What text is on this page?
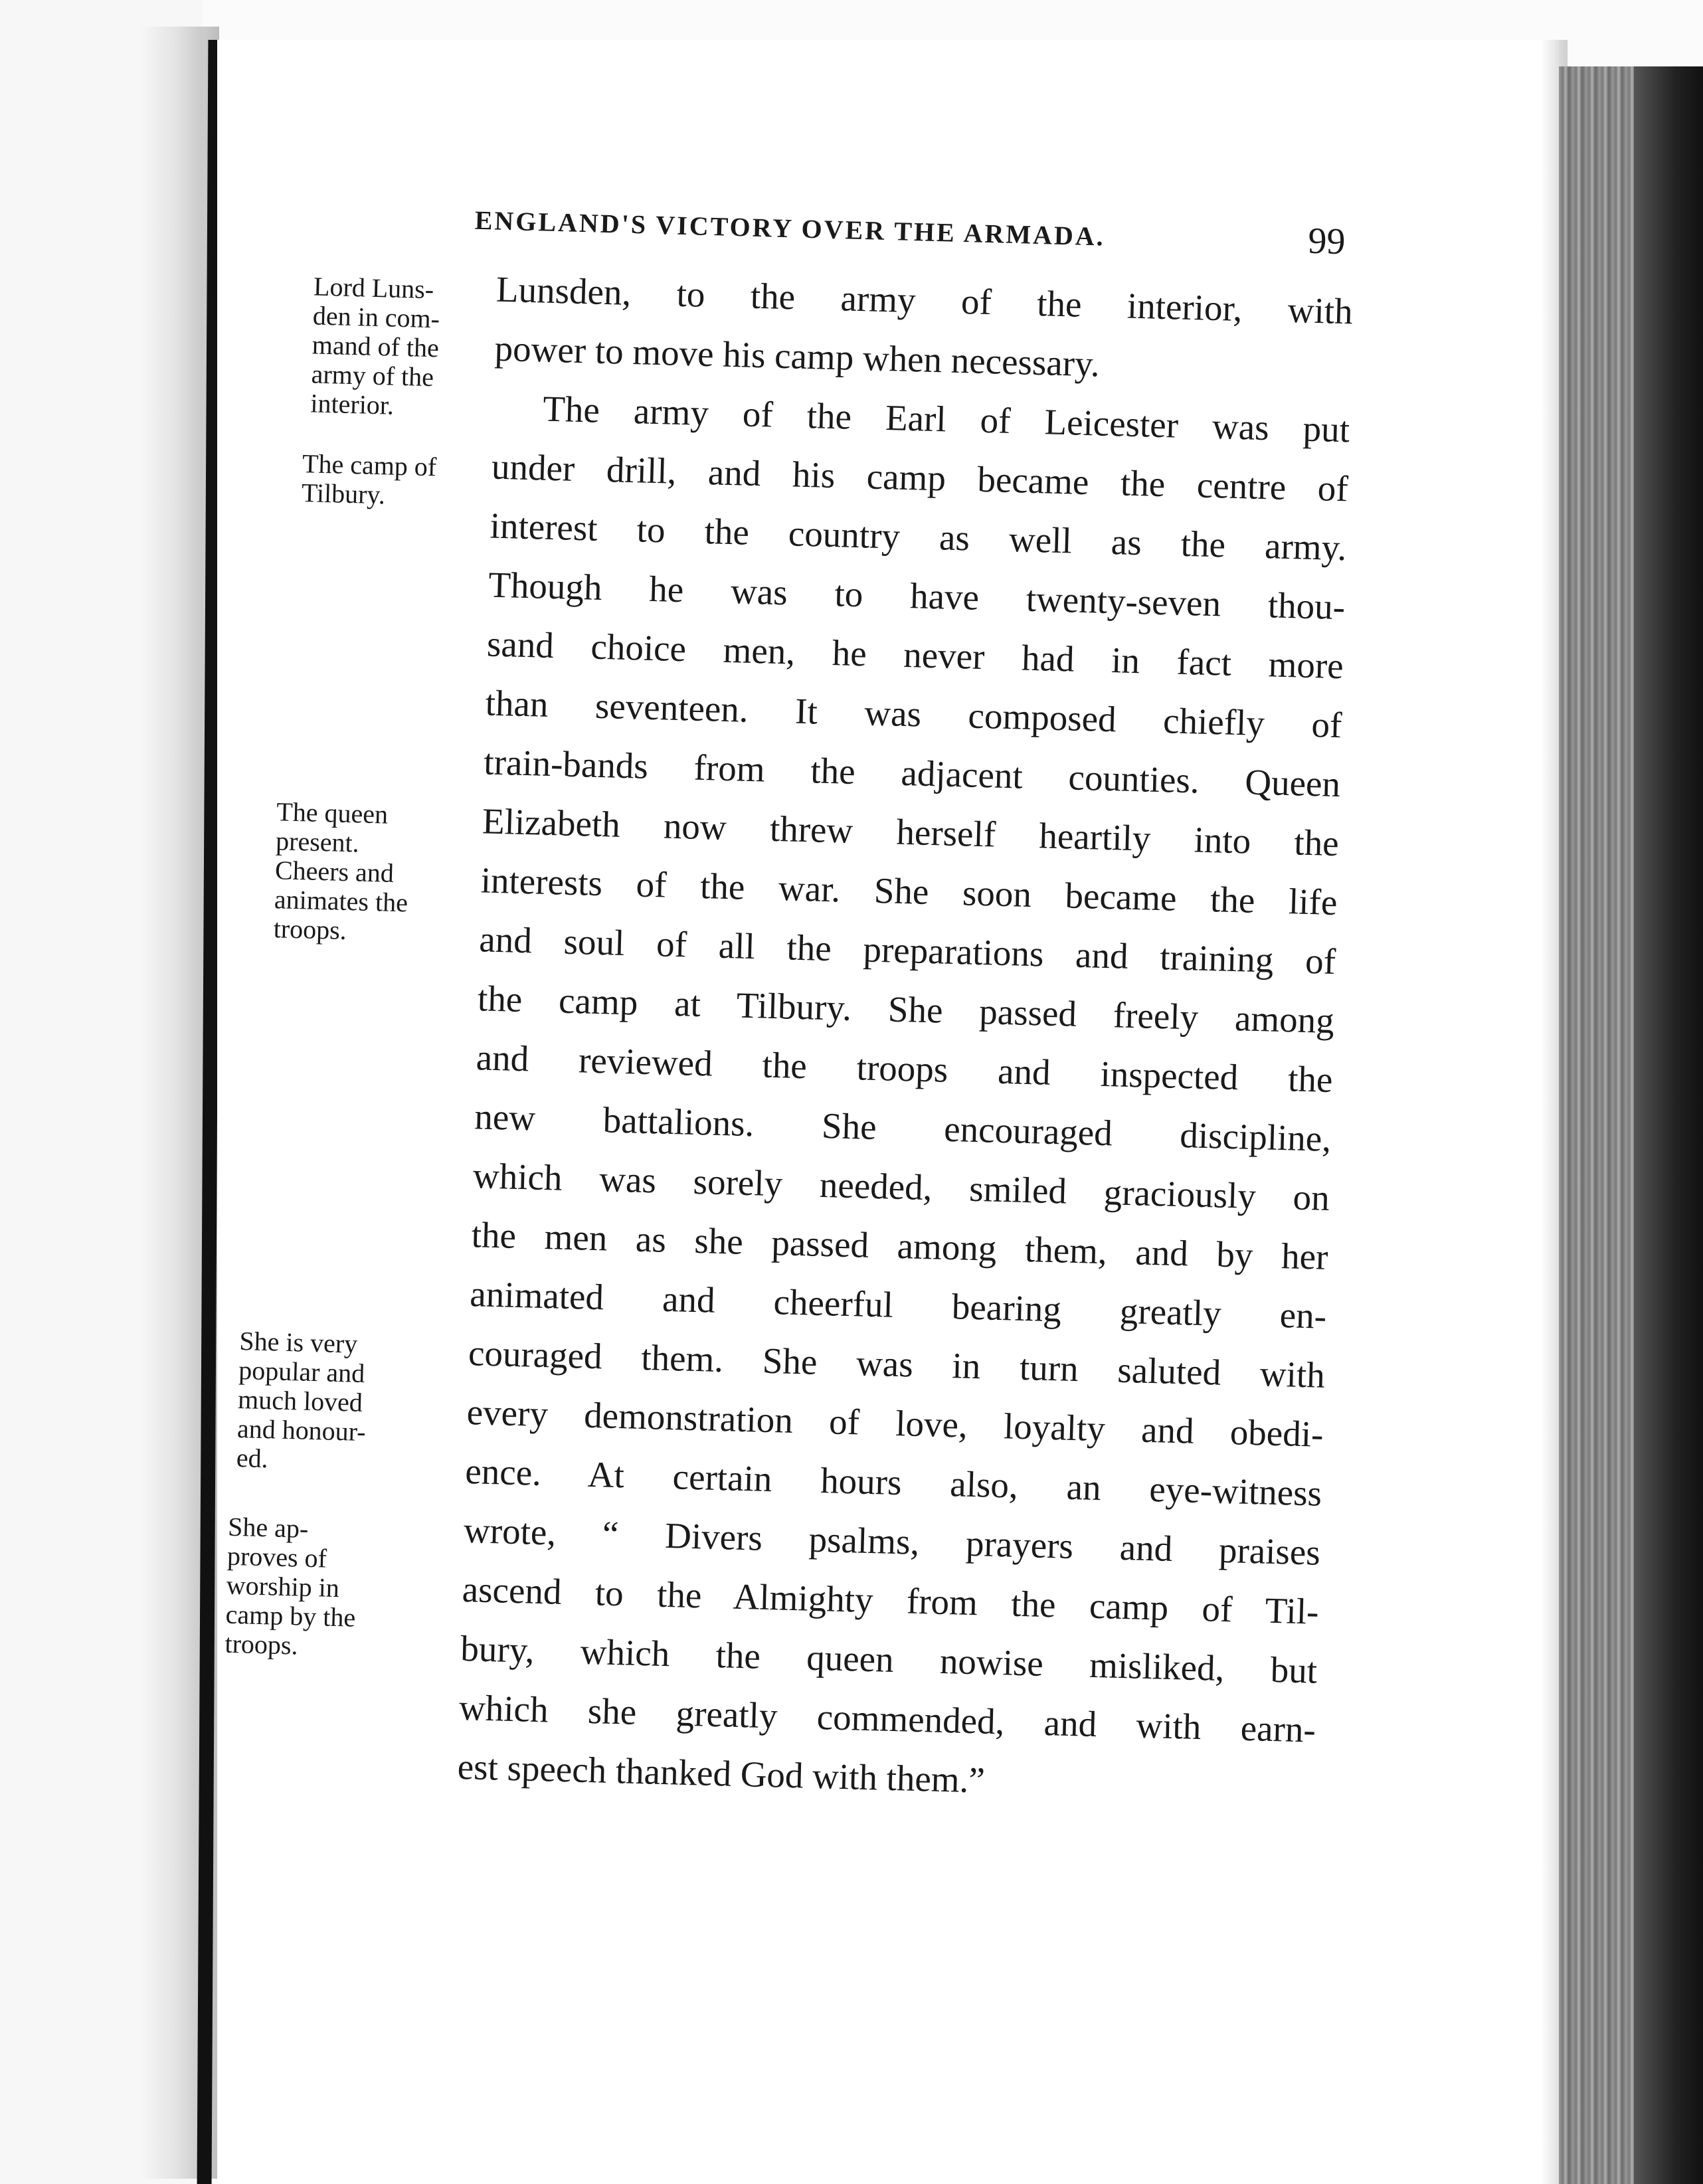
ENGLAND'S VICTORY OVER THE ARMADA.	99
Lord Luns-
den in com-
mand of the
army of the
interior.
The camp of
Tilbury.
The queen
present.
Cheers and
animates the
troops.
She is very
popular and
much loved
and honour-
ed.
She ap-
proves of
worship in
camp by the
troops.
Lunsden, to the army of the interior, with
power to move his camp when necessary.
The army of the Earl of Leicester was put
under drill, and his camp became the centre of
interest to the country as well as the army.
Though he was to have twenty-seven thou-
sand choice men, he never had in fact more
than seventeen. It was composed chiefly of
train-bands from the adjacent counties. Queen
Elizabeth now threw herself heartily into the
interests of the war. She soon became the life
and soul of all the preparations and training of
the camp at Tilbury. She passed freely among
and reviewed the troops and inspected the
new battalions. She encouraged discipline,
which was sorely needed, smiled graciously on
the men as she passed among them, and by her
animated and cheerful bearing greatly en-
couraged them. She was in turn saluted with
every demonstration of love, loyalty and obedi-
ence. At certain hours also, an eye-witness
wrote, “ Divers psalms, prayers and praises
ascend to the Almighty from the camp of Til-
bury, which the queen nowise misliked, but
which she greatly commended, and with earn-
est speech thanked God with them.”
